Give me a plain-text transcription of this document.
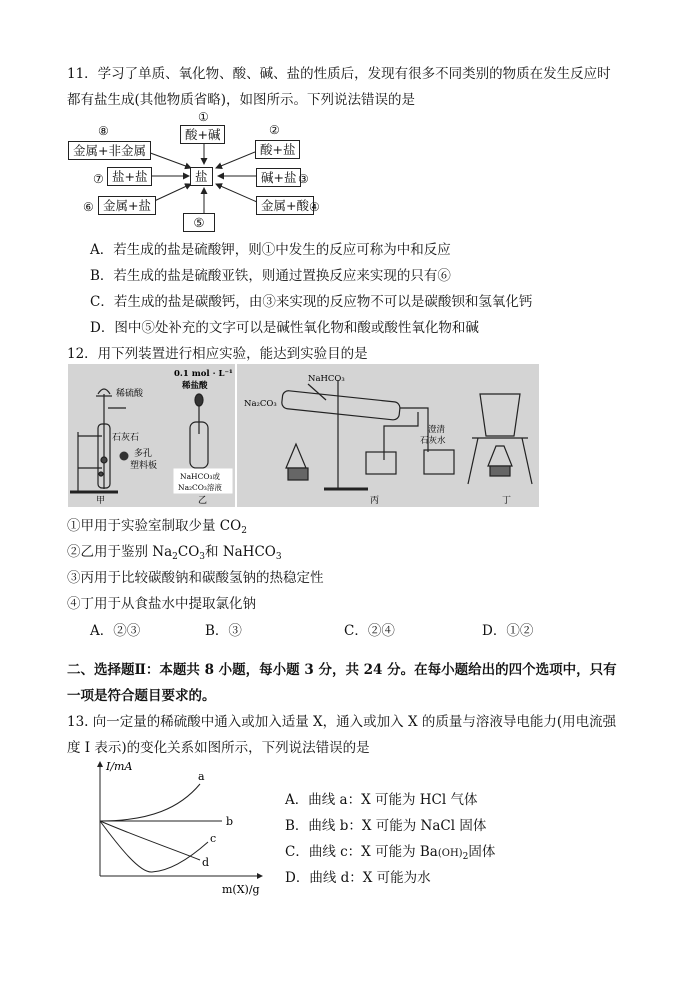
11．学习了单质、氧化物、酸、碱、盐的性质后，发现有很多不同类别的物质在发生反应时
都有盐生成(其他物质省略)，如图所示。下列说法错误的是
盐
①
酸+碱	②
酸+盐
碱+盐 ③
金属+酸 ④
⑤
⑥ 金属+盐
⑦ 盐+盐
⑧
金属+非金属
A．若生成的盐是硫酸钾，则①中发生的反应可称为中和反应
B．若生成的盐是硫酸亚铁，则通过置换反应来实现的只有⑥
C．若生成的盐是碳酸钙，由③来实现的反应物不可以是碳酸钡和氢氧化钙
D．图中⑤处补充的文字可以是碱性氧化物和酸或酸性氧化物和碱
12．用下列装置进行相应实验，能达到实验目的是
稀硫酸
石灰石
多孔
塑料板
甲
0.1 mol · L⁻¹
稀盐酸
NaHCO₃或
Na₂CO₃溶液
乙
NaHCO₃
Na₂CO₃
澄清
石灰水
丙	丁
①甲用于实验室制取少量 $CO_2$
②乙用于鉴别 $Na_2CO_3$和 NaHCO$_3$
③丙用于比较碳酸钠和碳酸氢钠的热稳定性
④丁用于从食盐水中提取氯化钠
A．②③	B．③	C．②④	D．①②
二、选择题Ⅱ：本题共 8 小题，每小题 3 分，共 24 分。在每小题给出的四个选项中，只有
一项是符合题目要求的。
13. 向一定量的稀硫酸中通入或加入适量 X，通入或加入 X 的质量与溶液导电能力(用电流强
度 I 表示)的变化关系如图所示，下列说法错误的是
I/mA
m(X)/g
a
b
c
d
A．曲线 a：X 可能为 HCl 气体
B．曲线 b：X 可能为 NaCl 固体
C．曲线 c：X 可能为 $Ba(OH)_2$固体
D．曲线 d：X 可能为水
